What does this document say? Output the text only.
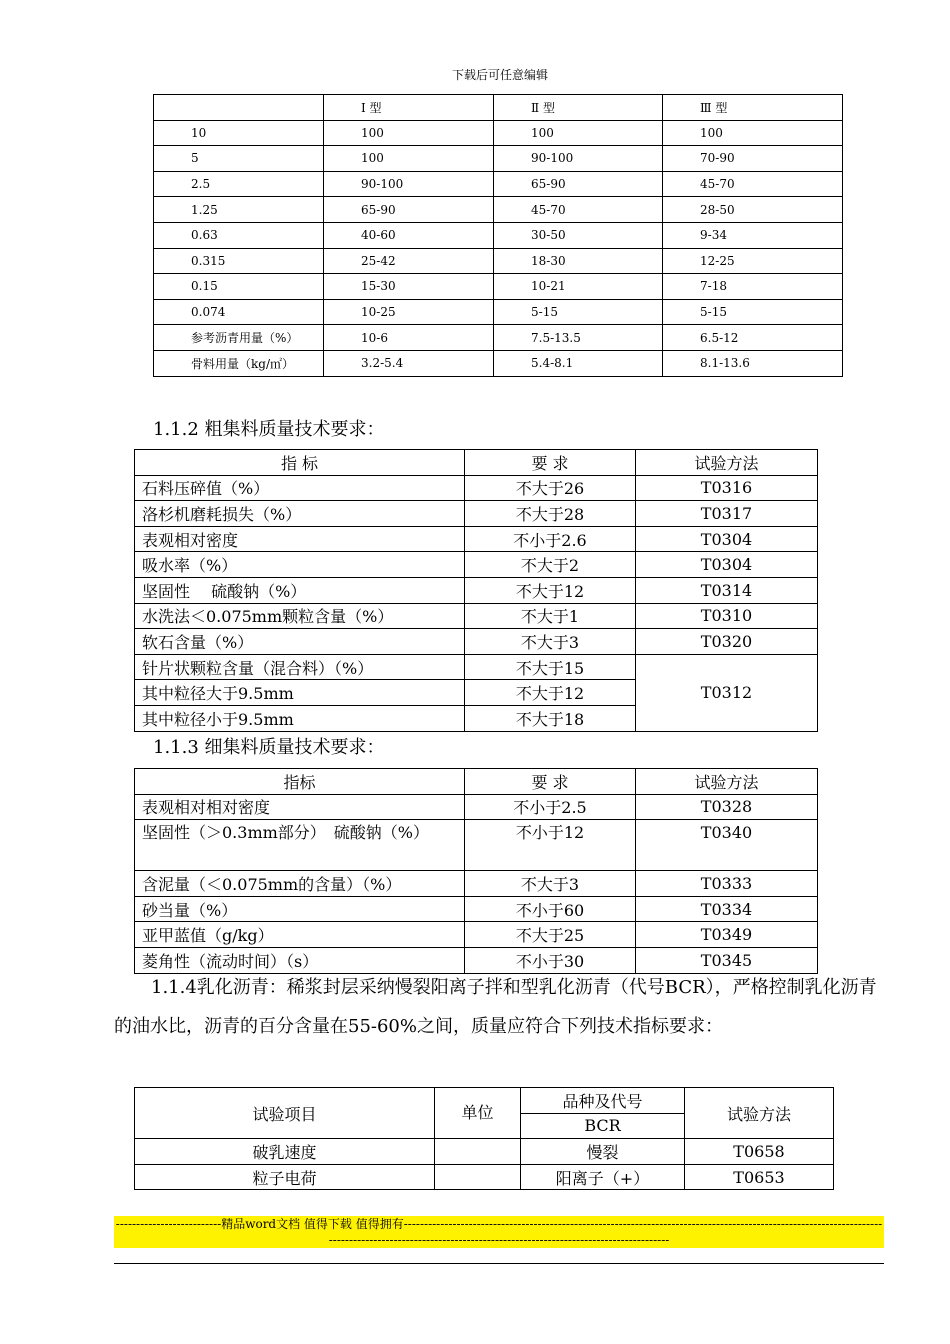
下载后可任意编辑
	Ⅰ 型	Ⅱ 型	Ⅲ 型
10	100	100	100
5	100	90-100	70-90
2.5	90-100	65-90	45-70
1.25	65-90	45-70	28-50
0.63	40-60	30-50	9-34
0.315	25-42	18-30	12-25
0.15	15-30	10-21	7-18
0.074	10-25	5-15	5-15
参考沥青用量（%）	10-6	7.5-13.5	6.5-12
骨料用量（kg/㎡）	3.2-5.4	5.4-8.1	8.1-13.6
1.1.2 粗集料质量技术要求：
指 标	要 求	试验方法
石料压碎值（%）	不大于26	T0316
洛杉机磨耗损失（%）	不大于28	T0317
表观相对密度	不小于2.6	T0304
吸水率（%）	不大于2	T0304
坚固性　 硫酸钠（%）	不大于12	T0314
水洗法＜0.075mm颗粒含量（%）	不大于1	T0310
软石含量（%）	不大于3	T0320
针片状颗粒含量（混合料）（%）	不大于15	T0312
其中粒径大于9.5mm	不大于12	
其中粒径小于9.5mm	不大于18	
1.1.3 细集料质量技术要求：
指标	要 求	试验方法
表观相对相对密度	不小于2.5	T0328
坚固性（＞0.3mm部分）　硫酸钠（%）	不小于12	T0340
含泥量（＜0.075mm的含量）（%）	不大于3	T0333
砂当量（%）	不小于60	T0334
亚甲蓝值（g/kg）	不大于25	T0349
菱角性（流动时间）（s）	不小于30	T0345
1.1.4乳化沥青：稀浆封层采纳慢裂阳离子拌和型乳化沥青（代号BCR），严格控制乳化沥青的油水比，沥青的百分含量在55-60%之间，质量应符合下列技术指标要求：
试验项目	单位	品种及代号	试验方法
		BCR	
破乳速度		慢裂	T0658
粒子电荷		阳离子（+）	T0653
--------------------------精品word文档 值得下载 值得拥有----------------------------------------------------------------------------------------------------------------------------------------------------------------------------------------------------------
